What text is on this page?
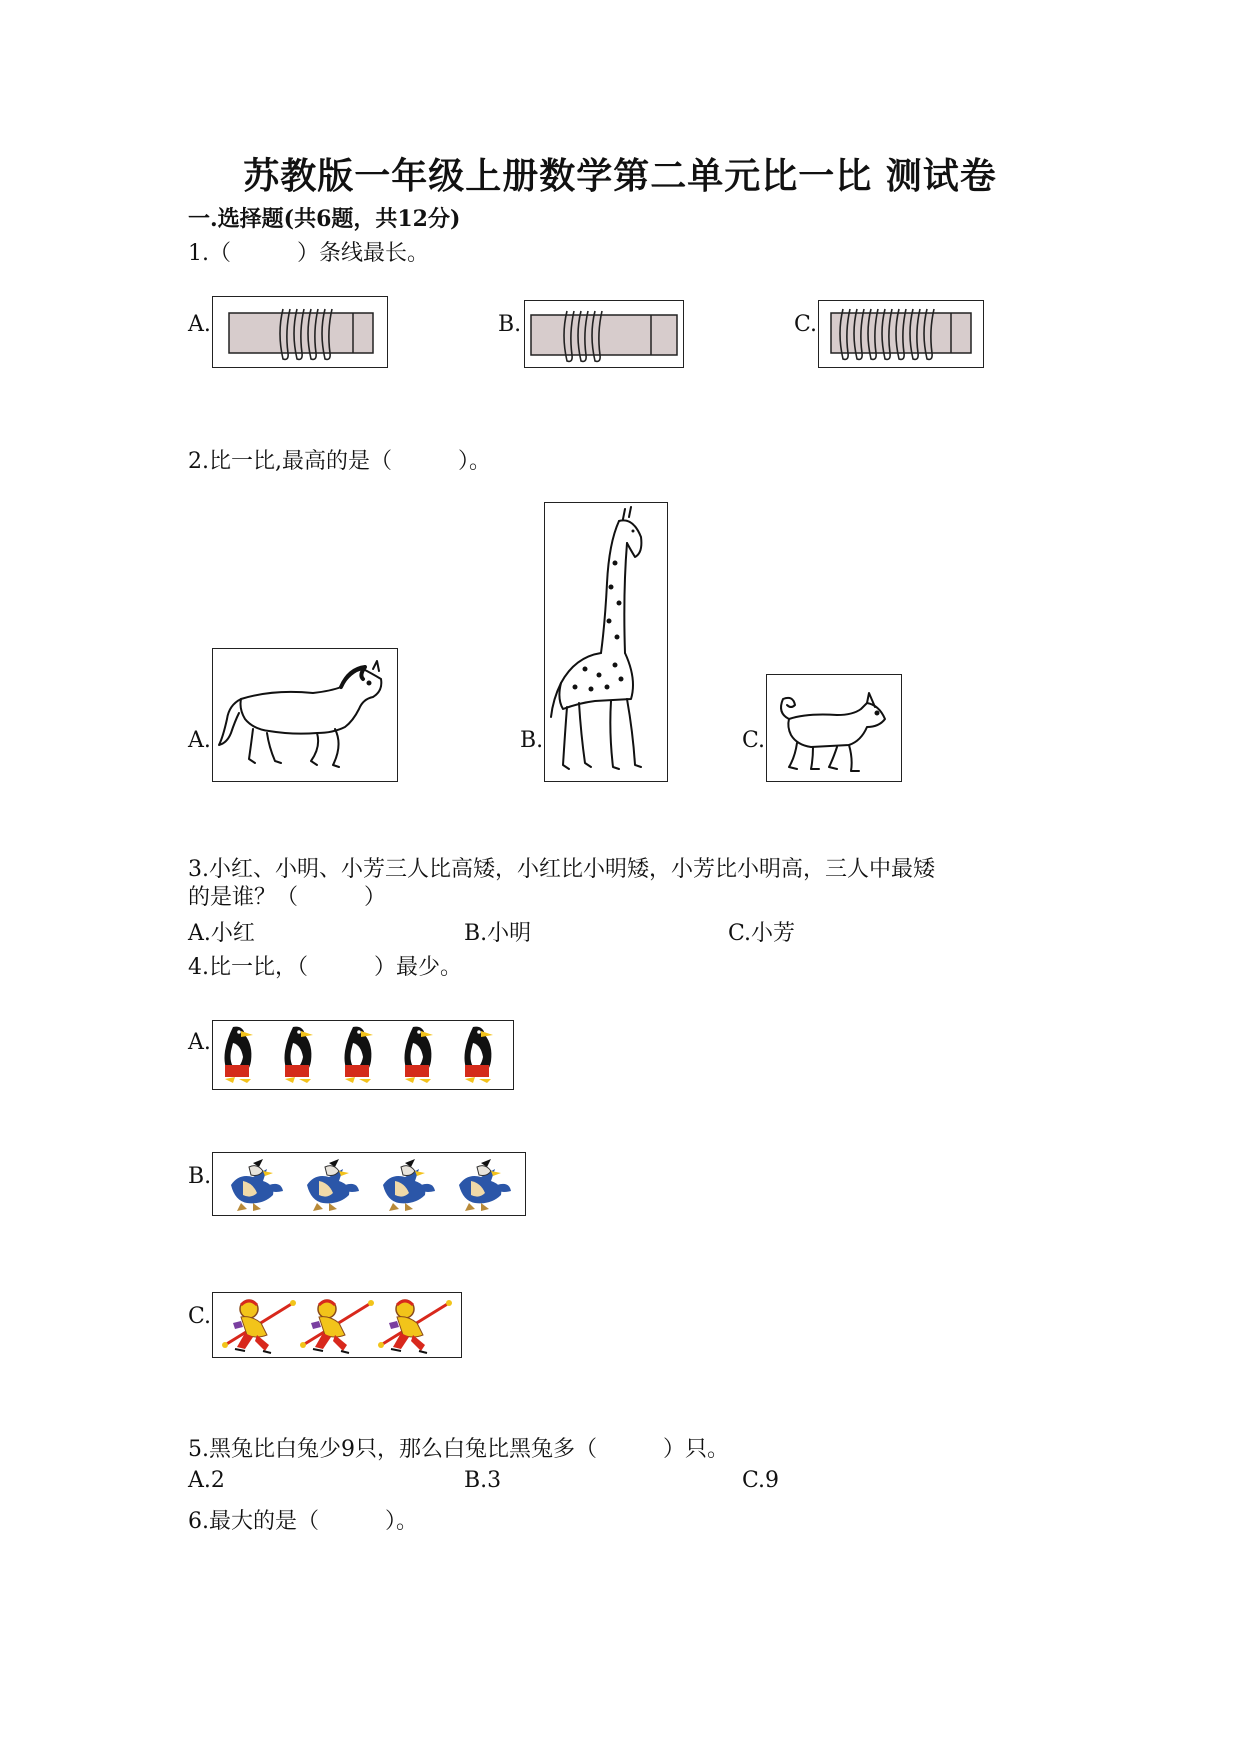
苏教版一年级上册数学第二单元比一比 测试卷
一.选择题(共6题，共12分)
1.（　　　）条线最长。
A.	B.	C.
2.比一比,最高的是（　　　）。
A.	B.	C.
3.小红、小明、小芳三人比高矮，小红比小明矮，小芳比小明高，三人中最矮
的是谁？（　　　）
A.小红	B.小明	C.小芳
4.比一比，（　　　）最少。
A.
B.
C.
5.黑兔比白兔少9只，那么白兔比黑兔多（　　　）只。
A.2	B.3	C.9
6.最大的是（　　　）。
